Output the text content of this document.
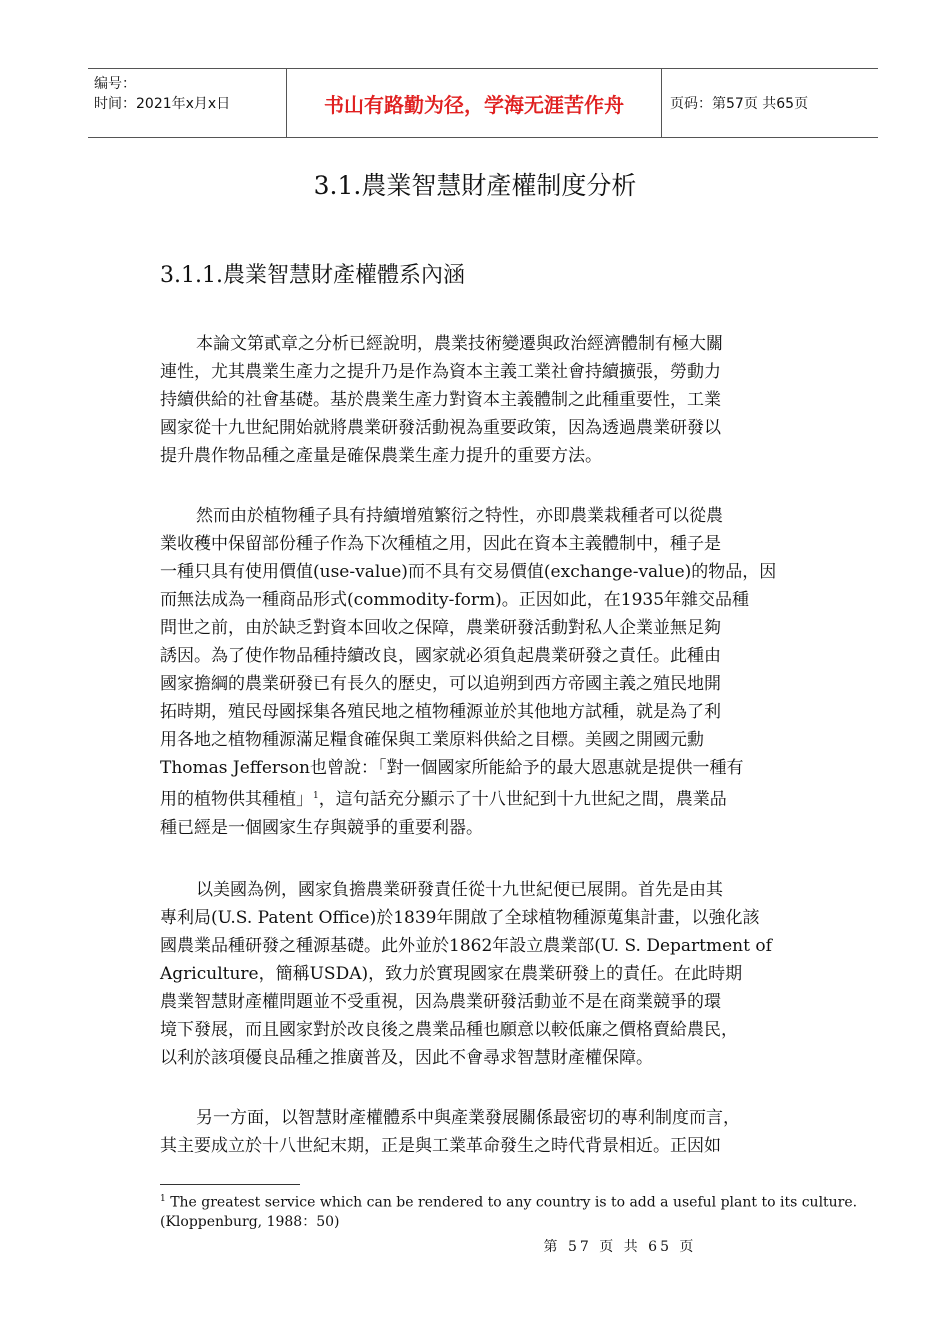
编号：
时间：2021年x月x日	书山有路勤为径，学海无涯苦作舟	页码：第57页 共65页
3.1.農業智慧財產權制度分析
3.1.1.農業智慧財產權體系內涵

本論文第貳章之分析已經說明，農業技術變遷與政治經濟體制有極大關

連性，尤其農業生產力之提升乃是作為資本主義工業社會持續擴張，勞動力

持續供給的社會基礎。基於農業生產力對資本主義體制之此種重要性，工業

國家從十九世紀開始就將農業研發活動視為重要政策，因為透過農業研發以

提升農作物品種之產量是確保農業生產力提升的重要方法。

然而由於植物種子具有持續增殖繁衍之特性，亦即農業栽種者可以從農

業收穫中保留部份種子作為下次種植之用，因此在資本主義體制中，種子是

一種只具有使用價值(use-value)而不具有交易價值(exchange-value)的物品，因

而無法成為一種商品形式(commodity-form)。正因如此，在1935年雜交品種

問世之前，由於缺乏對資本回收之保障，農業研發活動對私人企業並無足夠

誘因。為了使作物品種持續改良，國家就必須負起農業研發之責任。此種由

國家擔綱的農業研發已有長久的歷史，可以追朔到西方帝國主義之殖民地開

拓時期，殖民母國採集各殖民地之植物種源並於其他地方試種，就是為了利

用各地之植物種源滿足糧食確保與工業原料供給之目標。美國之開國元勳

Thomas Jefferson也曾說：「對一個國家所能給予的最大恩惠就是提供一種有

用的植物供其種植」$^1$，這句話充分顯示了十八世紀到十九世紀之間，農業品

種已經是一個國家生存與競爭的重要利器。

以美國為例，國家負擔農業研發責任從十九世紀便已展開。首先是由其

專利局(U.S. Patent Office)於1839年開啟了全球植物種源蒐集計畫，以強化該

國農業品種研發之種源基礎。此外並於1862年設立農業部(U. S. Department of

Agriculture，簡稱USDA)，致力於實現國家在農業研發上的責任。在此時期

農業智慧財產權問題並不受重視，因為農業研發活動並不是在商業競爭的環

境下發展，而且國家對於改良後之農業品種也願意以較低廉之價格賣給農民，

以利於該項優良品種之推廣普及，因此不會尋求智慧財產權保障。

另一方面，以智慧財產權體系中與產業發展關係最密切的專利制度而言，

其主要成立於十八世紀末期，正是與工業革命發生之時代背景相近。正因如

$^1$ The greatest service which can be rendered to any country is to add a useful plant to its culture.

(Kloppenburg, 1988：50)

第 57 页 共 65 页
